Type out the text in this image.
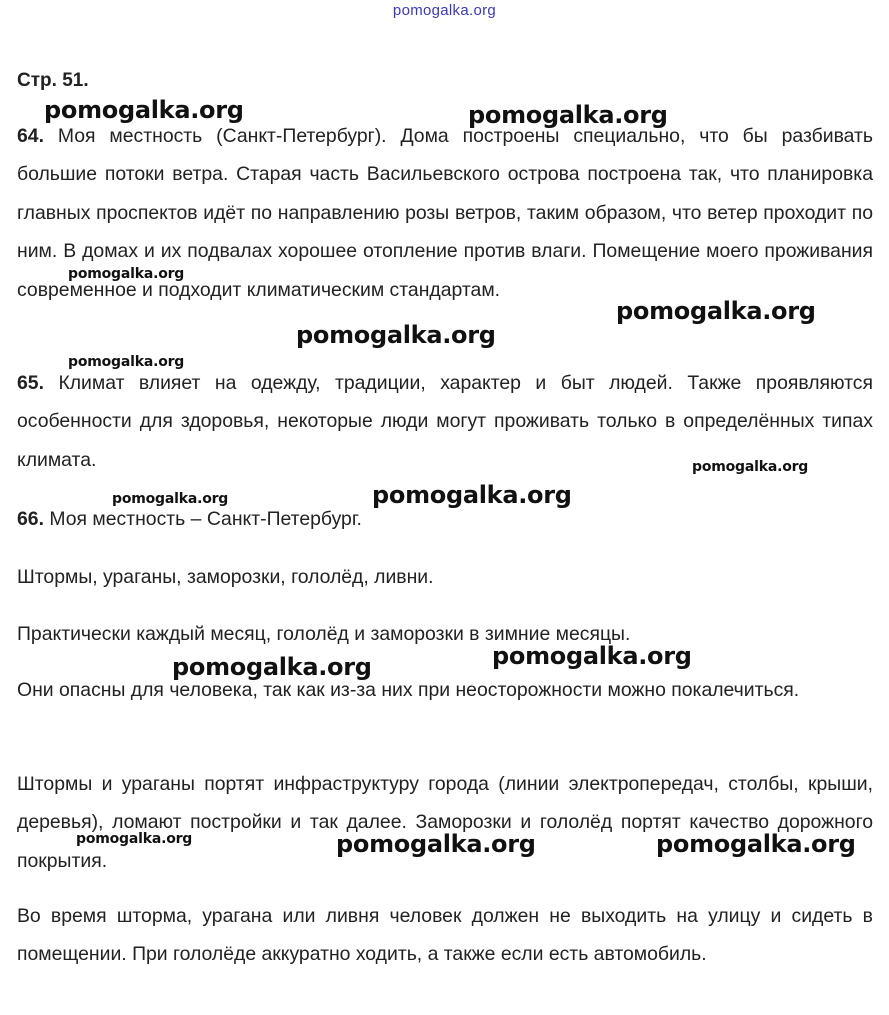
pomogalka.org
Стр. 51.

64. Моя местность (Санкт-Петербург). Дома построены специально, что бы разбивать большие потоки ветра. Старая часть Васильевского острова построена так, что планировка главных проспектов идёт по направлению розы ветров, таким образом, что ветер проходит по ним. В домах и их подвалах хорошее отопление против влаги. Помещение моего проживания современное и подходит климатическим стандартам.

65. Климат влияет на одежду, традиции, характер и быт людей. Также проявляются особенности для здоровья, некоторые люди могут проживать только в определённых типах климата.

66. Моя местность – Санкт-Петербург.

Штормы, ураганы, заморозки, гололёд, ливни.

Практически каждый месяц, гололёд и заморозки в зимние месяцы.

Они опасны для человека, так как из-за них при неосторожности можно покалечиться.

Штормы и ураганы портят инфраструктуру города (линии электропередач, столбы, крыши, деревья), ломают постройки и так далее. Заморозки и гололёд портят качество дорожного покрытия.

Во время шторма, урагана или ливня человек должен не выходить на улицу и сидеть в помещении. При гололёде аккуратно ходить, а также если есть автомобиль.

pomogalka.org	pomogalka.org
pomogalka.org
pomogalka.org
pomogalka.org
pomogalka.org
pomogalka.org
pomogalka.org
pomogalka.org
pomogalka.org
pomogalka.org
pomogalka.org	pomogalka.org	pomogalka.org
